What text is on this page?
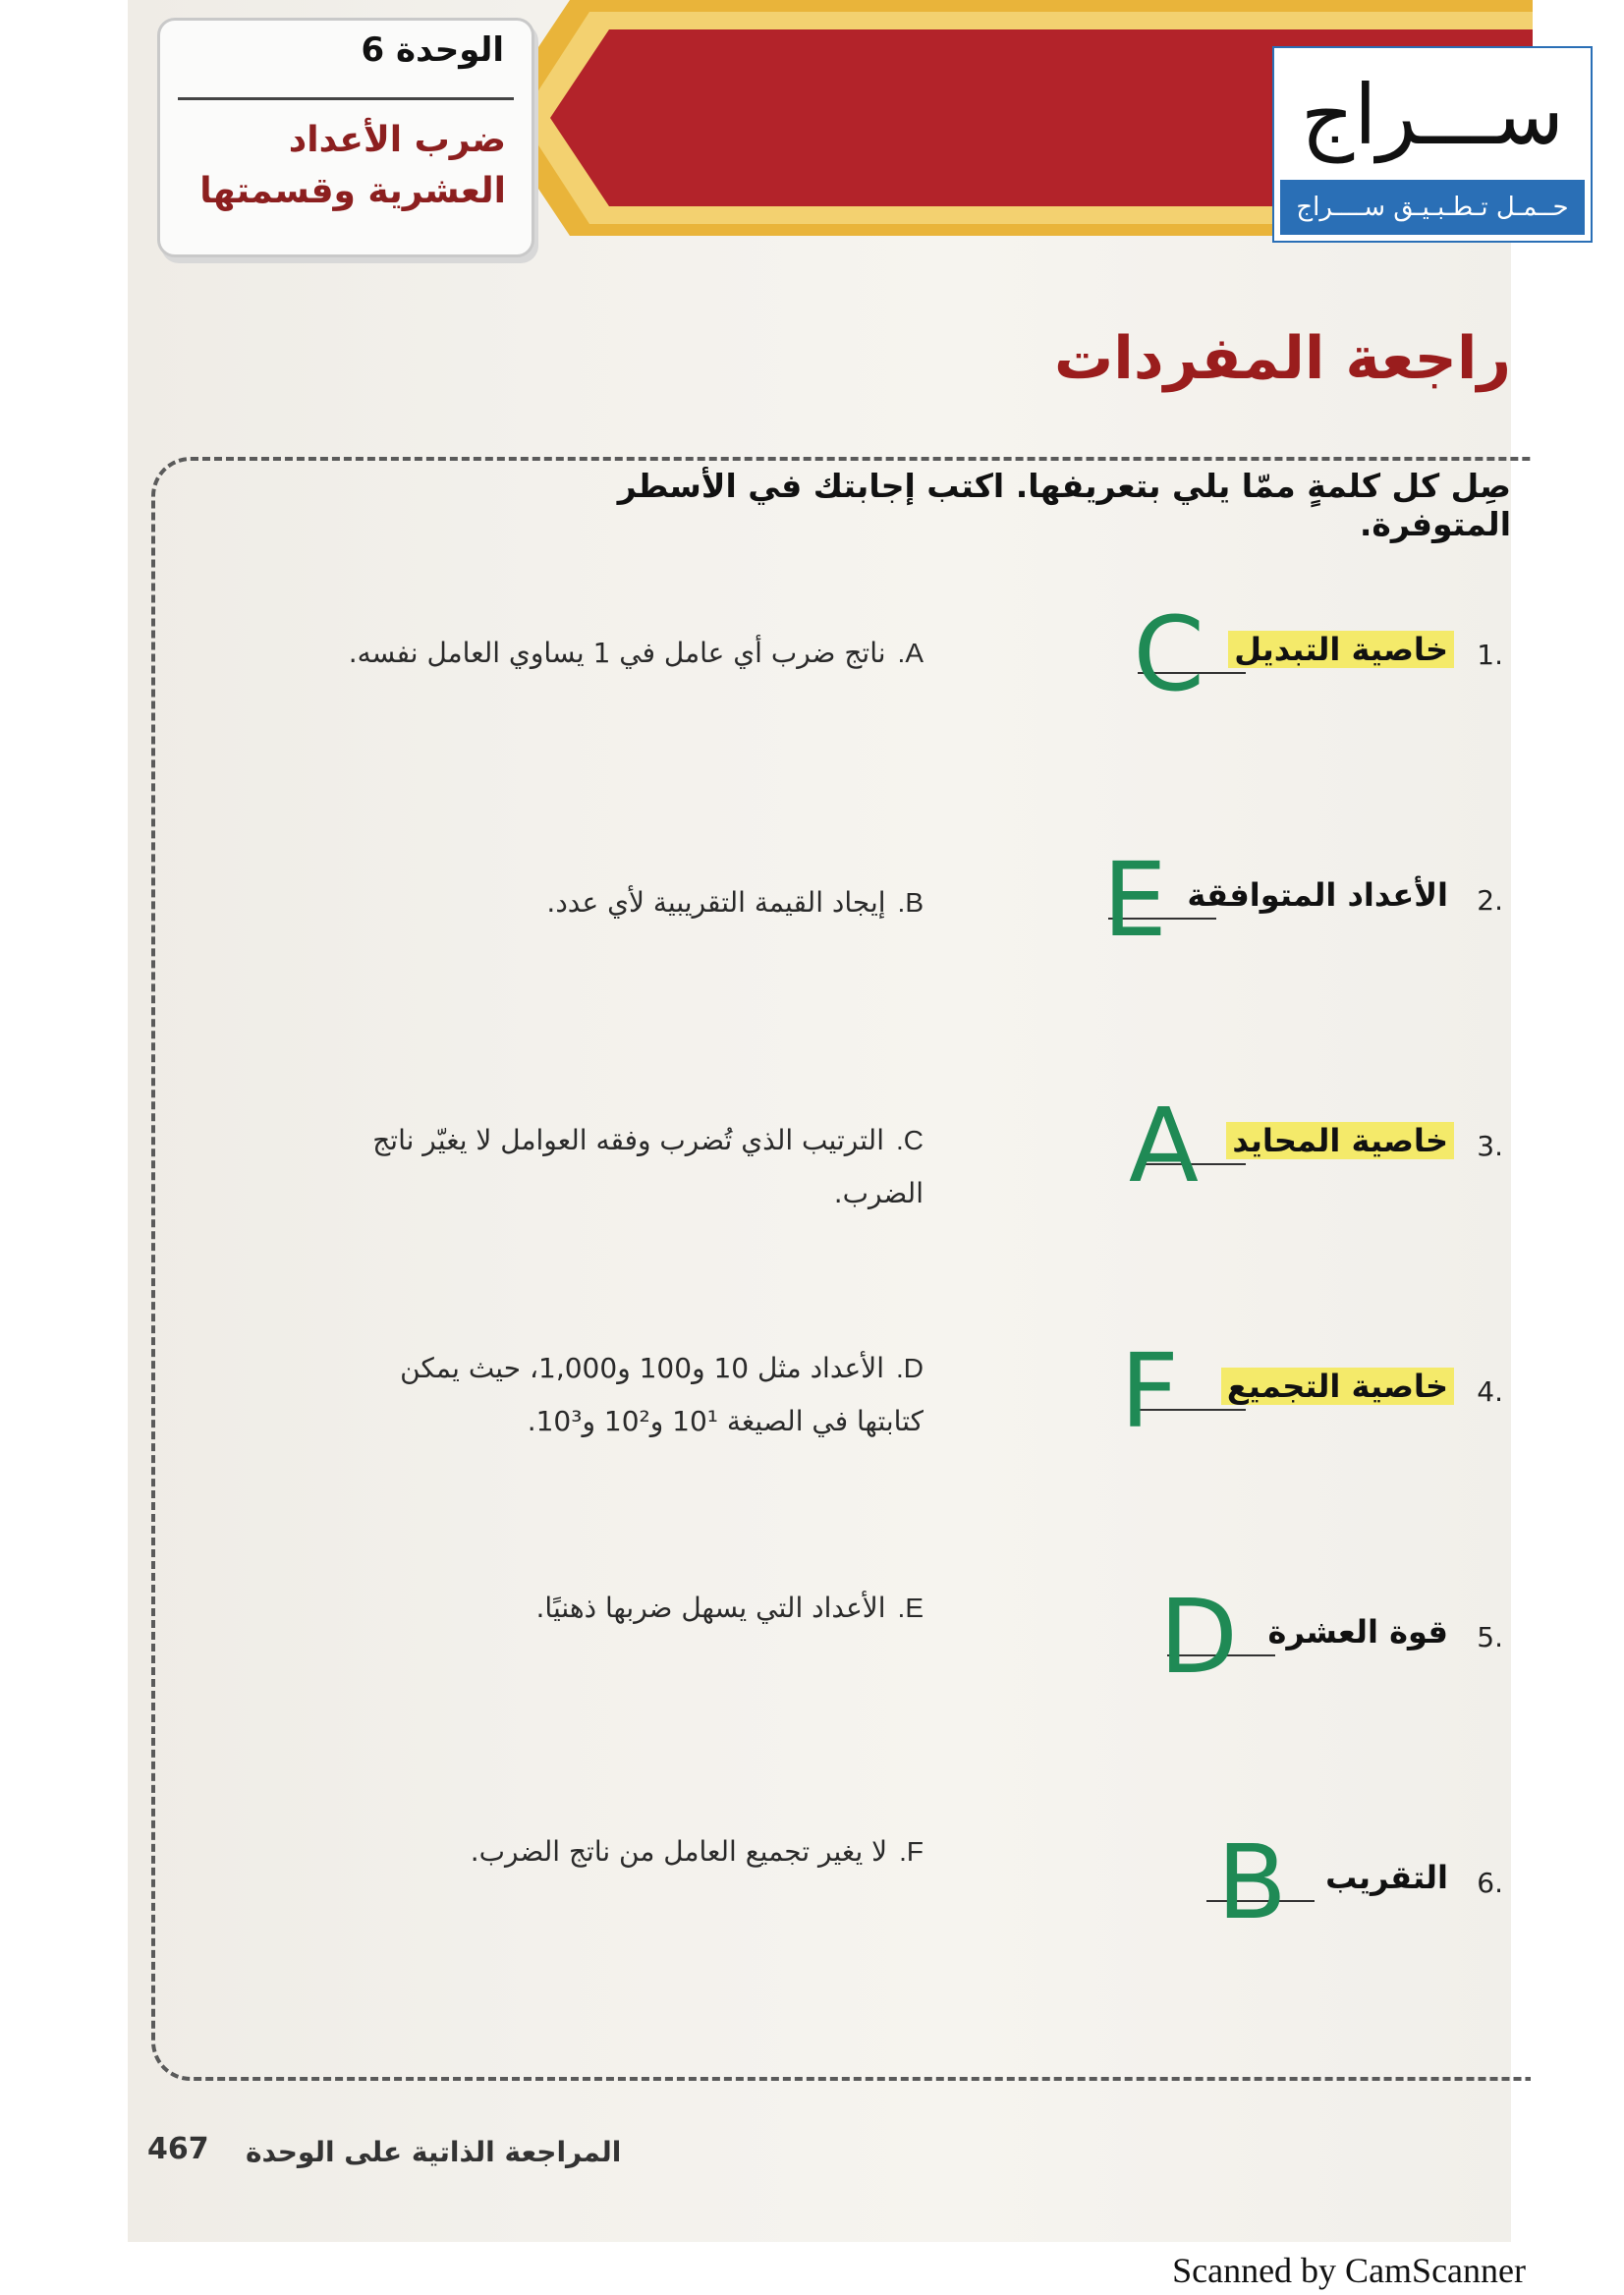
الوحدة 6
ضرب الأعداد العشرية وقسمتها
ســـراج
حــمـل تـطـبـيـق ســــراج
راجعة المفردات
صِل كل كلمةٍ ممّا يلي بتعريفها. اكتب إجابتك في الأسطر المتوفرة.
1.
خاصية التبديل
C
2.
الأعداد المتوافقة
E
3.
خاصية المحايد
A
4.
خاصية التجميع
F
5.
قوة العشرة
D
6.
التقريب
B
A.ناتج ضرب أي عامل في 1 يساوي العامل نفسه.
B.إيجاد القيمة التقريبية لأي عدد.
C.الترتيب الذي تُضرب وفقه العوامل لا يغيّر ناتج الضرب.
D.الأعداد مثل 10 و100 و1,000، حيث يمكن كتابتها في الصيغة 10¹ و10² و10³.
E.الأعداد التي يسهل ضربها ذهنيًا.
F.لا يغير تجميع العامل من ناتج الضرب.
467 المراجعة الذاتية على الوحدة
Scanned by CamScanner
